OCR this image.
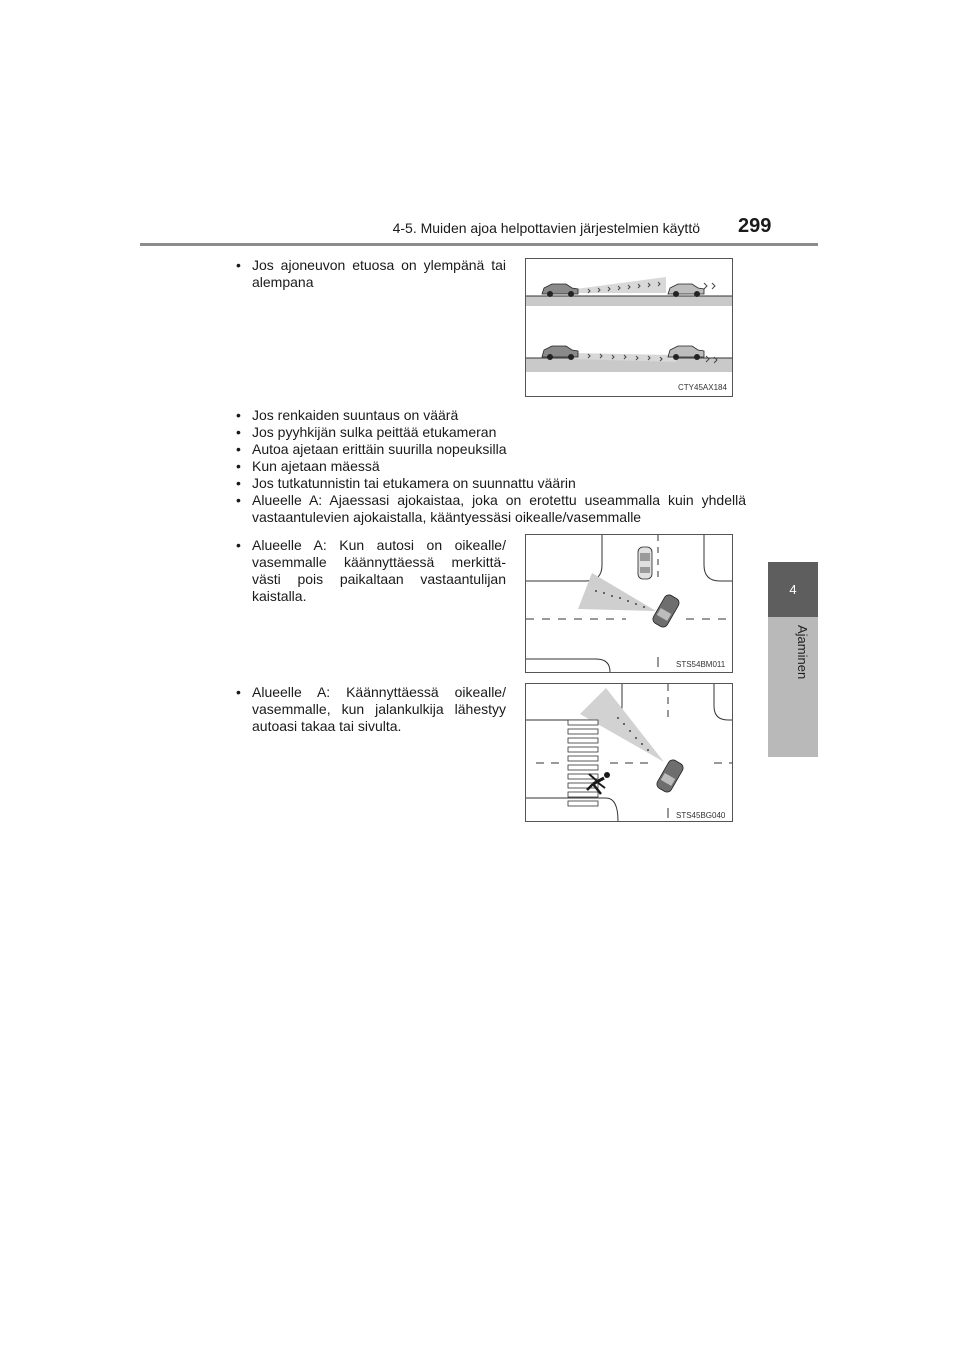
4-5. Muiden ajoa helpottavien järjestelmien käyttö 299
4
Ajaminen
• Jos ajoneuvon etuosa on ylempänä tai alempana
CTY45AX184
• Jos renkaiden suuntaus on väärä
• Jos pyyhkijän sulka peittää etukameran
• Autoa ajetaan erittäin suurilla nopeuksilla
• Kun ajetaan mäessä
• Jos tutkatunnistin tai etukamera on suunnattu väärin
• Alueelle A: Ajaessasi ajokaistaa, joka on erotettu useammalla kuin yhdellä vastaantulevien ajokaistalla, kääntyessäsi oikealle/vasemmalle
• Alueelle A: Kun autosi on oikealle/ vasemmalle käännyttäessä merkittä- västi pois paikaltaan vastaantulijan kaistalla.
STS54BM011
• Alueelle A: Käännyttäessä oikealle/ vasemmalle, kun jalankulkija lähestyy autoasi takaa tai sivulta.
STS45BG040
